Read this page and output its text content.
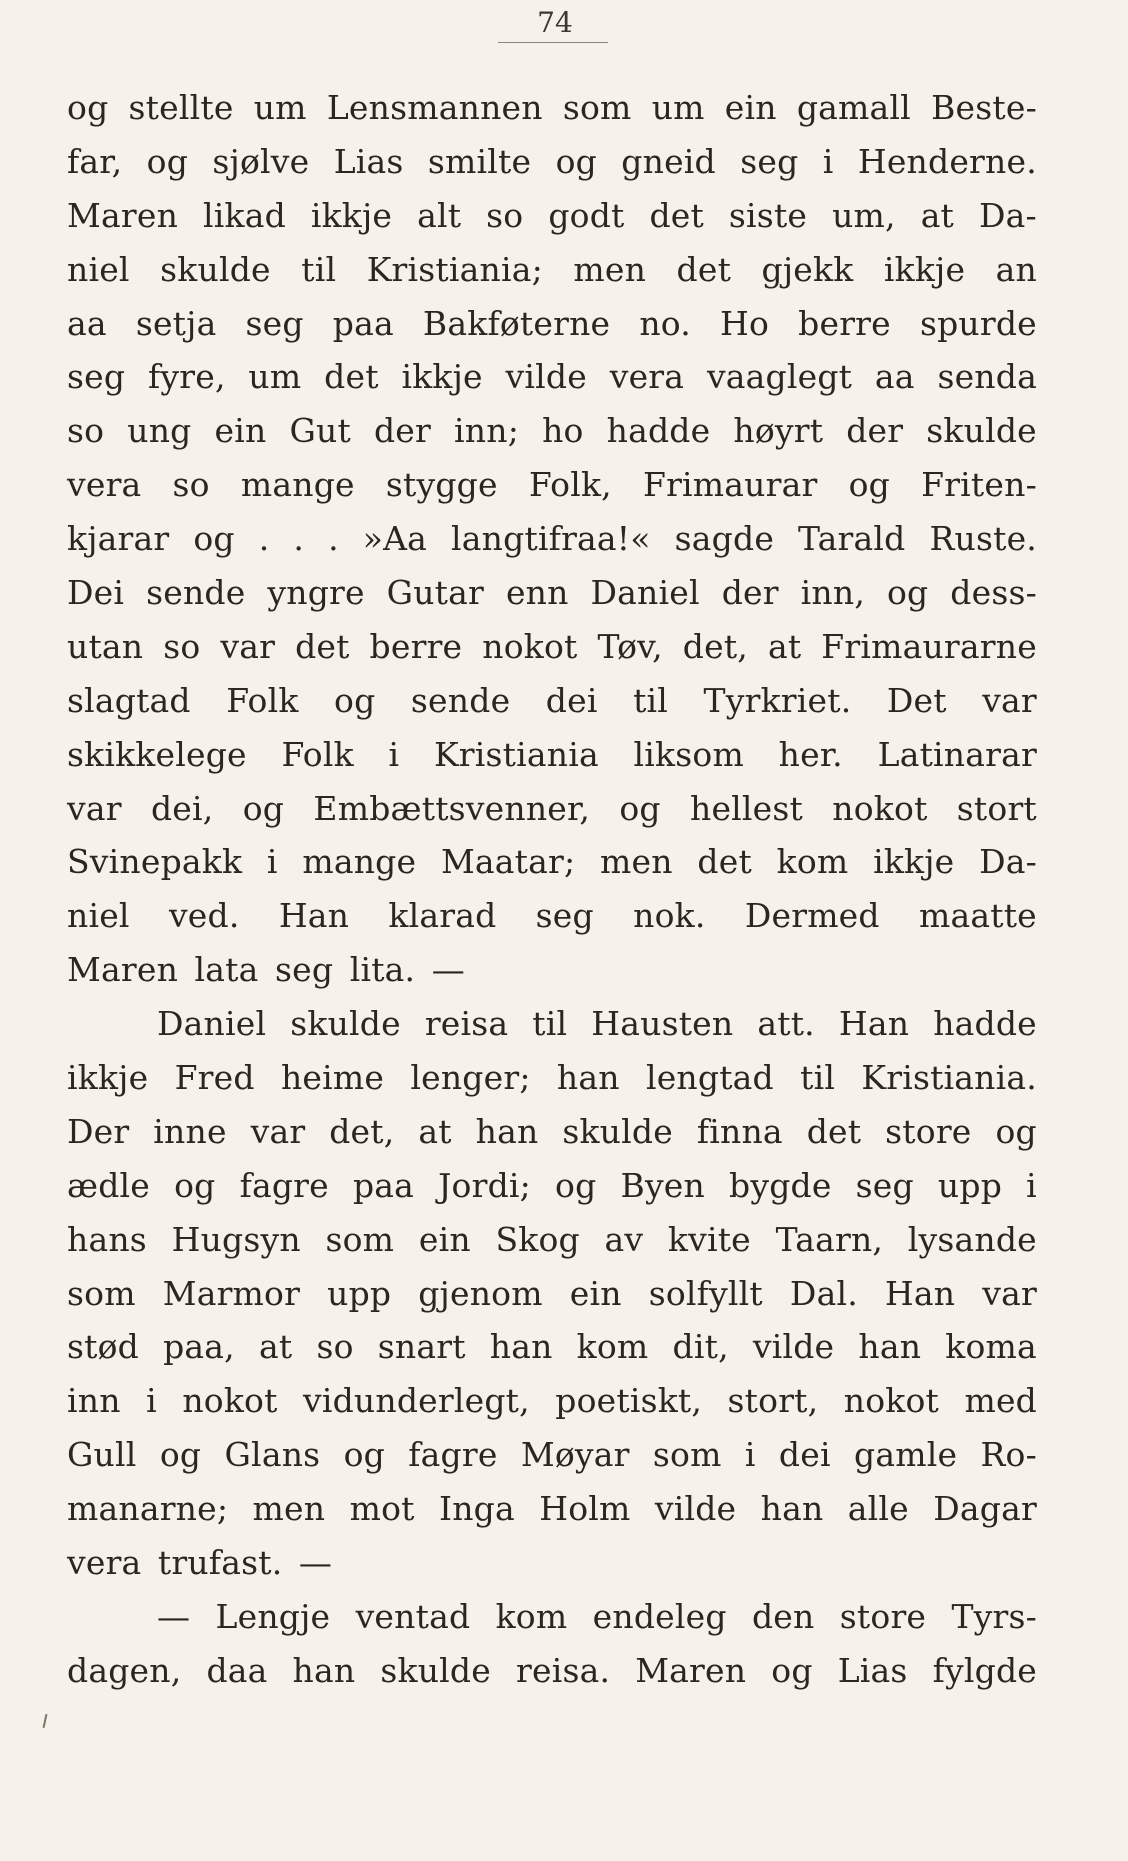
74
og stellte um Lensmannen som um ein gamall Beste-
far, og sjølve Lias smilte og gneid seg i Henderne.
Maren likad ikkje alt so godt det siste um, at Da-
niel skulde til Kristiania; men det gjekk ikkje an
aa setja seg paa Bakføterne no. Ho berre spurde
seg fyre, um det ikkje vilde vera vaaglegt aa senda
so ung ein Gut der inn; ho hadde høyrt der skulde
vera so mange stygge Folk, Frimaurar og Friten-
kjarar og . . . »Aa langtifraa!« sagde Tarald Ruste.
Dei sende yngre Gutar enn Daniel der inn, og dess-
utan so var det berre nokot Tøv, det, at Frimaurarne
slagtad Folk og sende dei til Tyrkriet. Det var
skikkelege Folk i Kristiania liksom her. Latinarar
var dei, og Embættsvenner, og hellest nokot stort
Svinepakk i mange Maatar; men det kom ikkje Da-
niel ved. Han klarad seg nok. Dermed maatte
Maren lata seg lita. —
Daniel skulde reisa til Hausten att. Han hadde
ikkje Fred heime lenger; han lengtad til Kristiania.
Der inne var det, at han skulde finna det store og
ædle og fagre paa Jordi; og Byen bygde seg upp i
hans Hugsyn som ein Skog av kvite Taarn, lysande
som Marmor upp gjenom ein solfyllt Dal. Han var
stød paa, at so snart han kom dit, vilde han koma
inn i nokot vidunderlegt, poetiskt, stort, nokot med
Gull og Glans og fagre Møyar som i dei gamle Ro-
manarne; men mot Inga Holm vilde han alle Dagar
vera trufast. —
— Lengje ventad kom endeleg den store Tyrs-
dagen, daa han skulde reisa. Maren og Lias fylgde
